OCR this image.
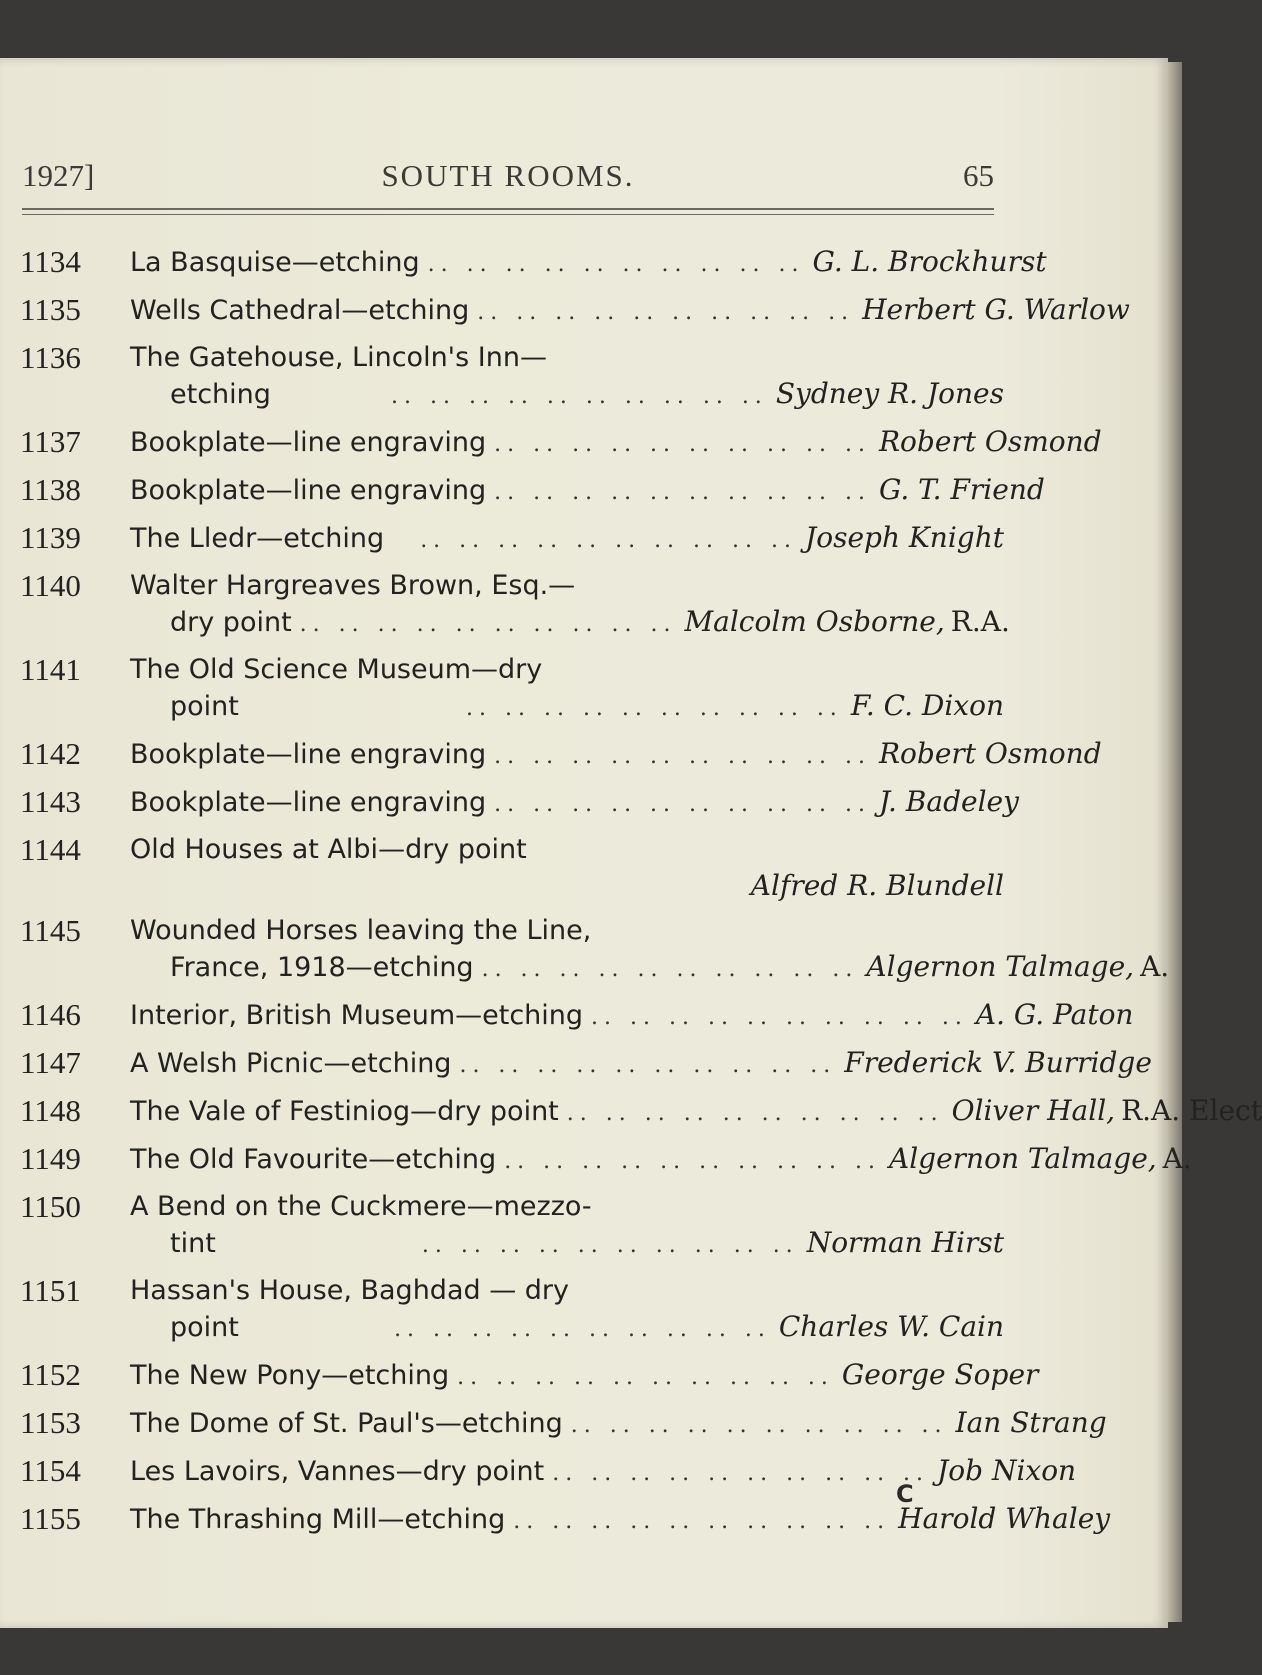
1927]	SOUTH ROOMS.	65
1134	La Basquise—etching .. .. .. .. .. .. .. .. .. .. G. L. Brockhurst
1135	Wells Cathedral—etching .. .. .. .. .. .. .. .. .. .. Herbert G. Warlow
1136	The Gatehouse, Lincoln's Inn—
etching	.. .. .. .. .. .. .. .. .. .. Sydney R. Jones
1137	Bookplate—line engraving .. .. .. .. .. .. .. .. .. .. Robert Osmond
1138	Bookplate—line engraving .. .. .. .. .. .. .. .. .. .. G. T. Friend
1139	The Lledr—etching	.. .. .. .. .. .. .. .. .. .. Joseph Knight
1140	Walter Hargreaves Brown, Esq.—
dry point .. .. .. .. .. .. .. .. .. .. Malcolm Osborne, R.A.
1141	The Old Science Museum—dry
point	.. .. .. .. .. .. .. .. .. .. F. C. Dixon
1142	Bookplate—line engraving .. .. .. .. .. .. .. .. .. .. Robert Osmond
1143	Bookplate—line engraving .. .. .. .. .. .. .. .. .. .. J. Badeley
1144	Old Houses at Albi—dry point
Alfred R. Blundell
1145	Wounded Horses leaving the Line,
France, 1918—etching .. .. .. .. .. .. .. .. .. .. Algernon Talmage, A.
1146	Interior, British Museum—etching .. .. .. .. .. .. .. .. .. .. A. G. Paton
1147	A Welsh Picnic—etching .. .. .. .. .. .. .. .. .. .. Frederick V. Burridge
1148	The Vale of Festiniog—dry point .. .. .. .. .. .. .. .. .. .. Oliver Hall, R.A. Elect
1149	The Old Favourite—etching .. .. .. .. .. .. .. .. .. .. Algernon Talmage, A.
1150	A Bend on the Cuckmere—mezzo-
tint	.. .. .. .. .. .. .. .. .. .. Norman Hirst
1151	Hassan's House, Baghdad — dry
point	.. .. .. .. .. .. .. .. .. .. Charles W. Cain
1152	The New Pony—etching .. .. .. .. .. .. .. .. .. .. George Soper
1153	The Dome of St. Paul's—etching .. .. .. .. .. .. .. .. .. .. Ian Strang
1154	Les Lavoirs, Vannes—dry point .. .. .. .. .. .. .. .. .. .. Job Nixon
1155	The Thrashing Mill—etching .. .. .. .. .. .. .. .. .. .. Harold Whaley
C
